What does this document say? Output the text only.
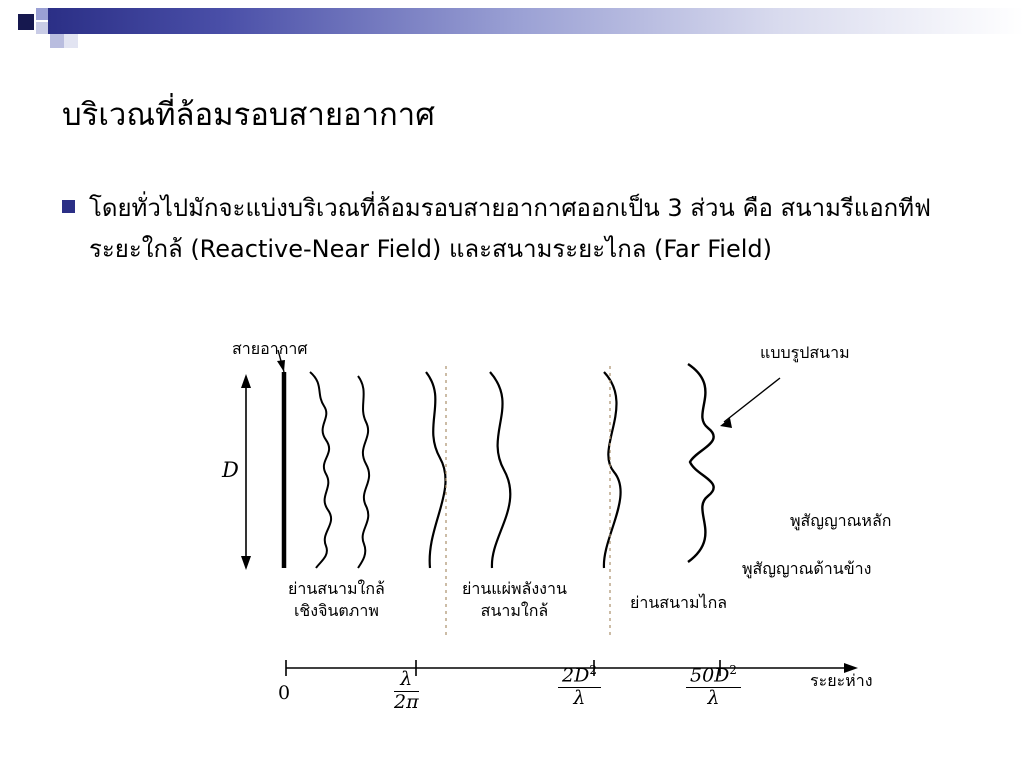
บริเวณที่ล้อมรอบสายอากาศ
โดยทั่วไปมักจะแบ่งบริเวณที่ล้อมรอบสายอากาศออกเป็น 3 ส่วน คือ สนามรีแอกทีฟระยะใกล้ (Reactive-Near Field) และสนามระยะไกล (Far Field)
สายอากาศ	แบบรูปสนาม
พูสัญญาณหลัก
พูสัญญาณด้านข้าง
ย่านสนามใกล้
เชิงจินตภาพ
ย่านแผ่พลังงาน
สนามใกล้	ย่านสนามไกล
ระยะห่าง
D
0	$\frac{\lambda}{2\pi}$	$\frac{2D^2}{\lambda}$	$\frac{50D^2}{\lambda}$
